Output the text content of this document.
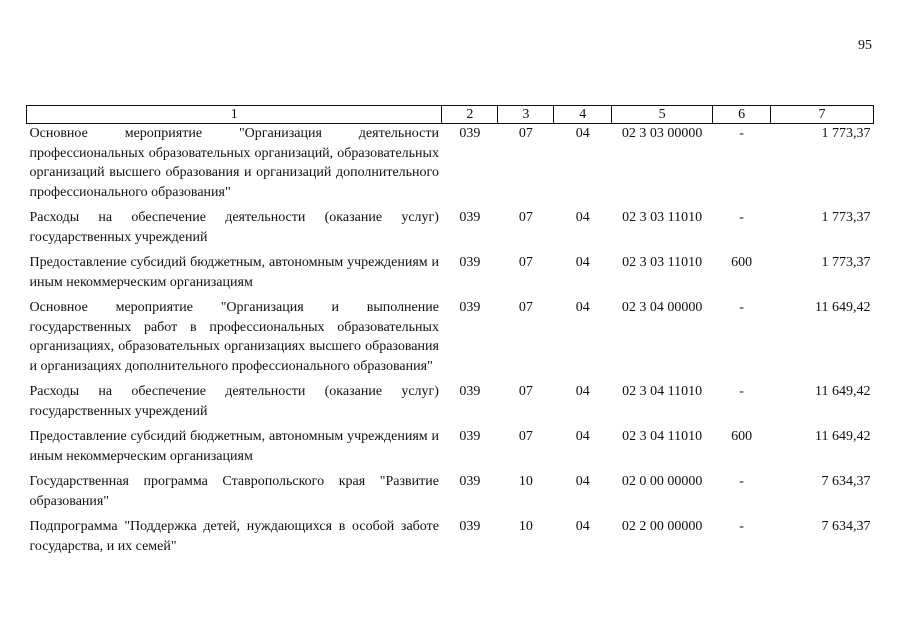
95
1	2	3	4	5	6	7
Основное мероприятие "Организация деятельности профессиональных образовательных организаций, образовательных организаций высшего образования и организаций дополнительного профессионального образования"	039	07	04	02 3 03 00000	-	1 773,37
Расходы на обеспечение деятельности (оказание услуг) государственных учреждений	039	07	04	02 3 03 11010	-	1 773,37
Предоставление субсидий бюджетным, автономным учреждениям и иным некоммерческим организациям	039	07	04	02 3 03 11010	600	1 773,37
Основное мероприятие "Организация и выполнение государственных работ в профессиональных образовательных организациях, образовательных организациях высшего образования и организациях дополнительного профессионального образования"	039	07	04	02 3 04 00000	-	11 649,42
Расходы на обеспечение деятельности (оказание услуг) государственных учреждений	039	07	04	02 3 04 11010	-	11 649,42
Предоставление субсидий бюджетным, автономным учреждениям и иным некоммерческим организациям	039	07	04	02 3 04 11010	600	11 649,42
Государственная программа Ставропольского края "Развитие образования"	039	10	04	02 0 00 00000	-	7 634,37
Подпрограмма "Поддержка детей, нуждающихся в особой заботе государства, и их семей"	039	10	04	02 2 00 00000	-	7 634,37
